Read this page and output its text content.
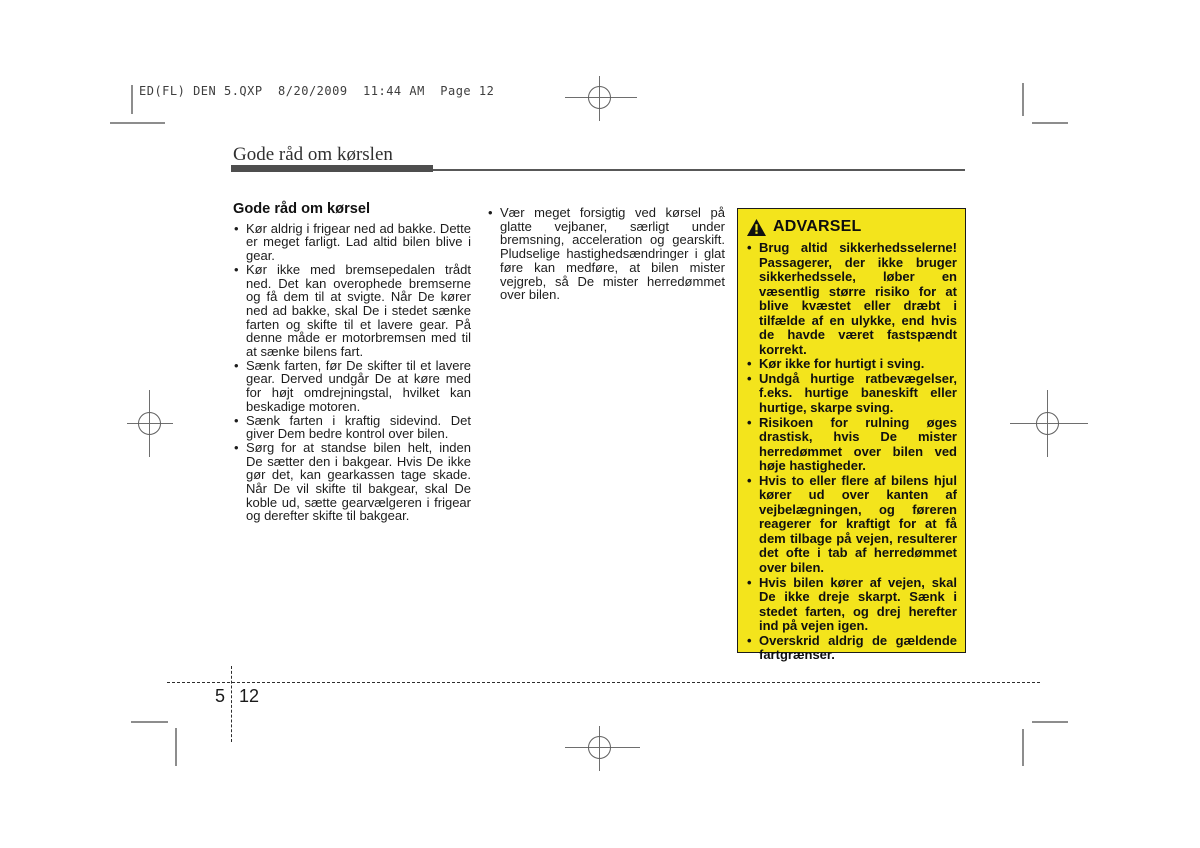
ED(FL) DEN 5.QXP  8/20/2009  11:44 AM  Page 12
Gode råd om kørslen
Gode råd om kørsel
• Kør aldrig i frigear ned ad bakke. Dette er meget farligt. Lad altid bilen blive i gear.
• Kør ikke med bremsepedalen trådt ned. Det kan overophede bremserne og få dem til at svigte. Når De kører ned ad bakke, skal De i stedet sænke farten og skifte til et lavere gear. På denne måde er motorbremsen med til at sænke bilens fart.
• Sænk farten, før De skifter til et lavere gear. Derved undgår De at køre med for højt omdrejningstal, hvilket kan beskadige motoren.
• Sænk farten i kraftig sidevind. Det giver Dem bedre kontrol over bilen.
• Sørg for at standse bilen helt, inden De sætter den i bakgear. Hvis De ikke gør det, kan gearkassen tage skade. Når De vil skifte til bakgear, skal De koble ud, sætte gearvælgeren i frigear og derefter skifte til bakgear.
• Vær meget forsigtig ved kørsel på glatte vejbaner, særligt under bremsning, acceleration og gearskift. Pludselige hastighedsændringer i glat føre kan medføre, at bilen mister vejgreb, så De mister herredømmet over bilen.
ADVARSEL
• Brug altid sikkerhedsselerne! Passagerer, der ikke bruger sikkerhedssele, løber en væsentlig større risiko for at blive kvæstet eller dræbt i tilfælde af en ulykke, end hvis de havde været fastspændt korrekt.
• Kør ikke for hurtigt i sving.
• Undgå hurtige ratbevægelser, f.eks. hurtige baneskift eller hurtige, skarpe sving.
• Risikoen for rulning øges drastisk, hvis De mister herredømmet over bilen ved høje hastigheder.
• Hvis to eller flere af bilens hjul kører ud over kanten af vejbelægningen, og føreren reagerer for kraftigt for at få dem tilbage på vejen, resulterer det ofte i tab af herredømmet over bilen.
• Hvis bilen kører af vejen, skal De ikke dreje skarpt. Sænk i stedet farten, og drej herefter ind på vejen igen.
• Overskrid aldrig de gældende fartgrænser.
5 12
